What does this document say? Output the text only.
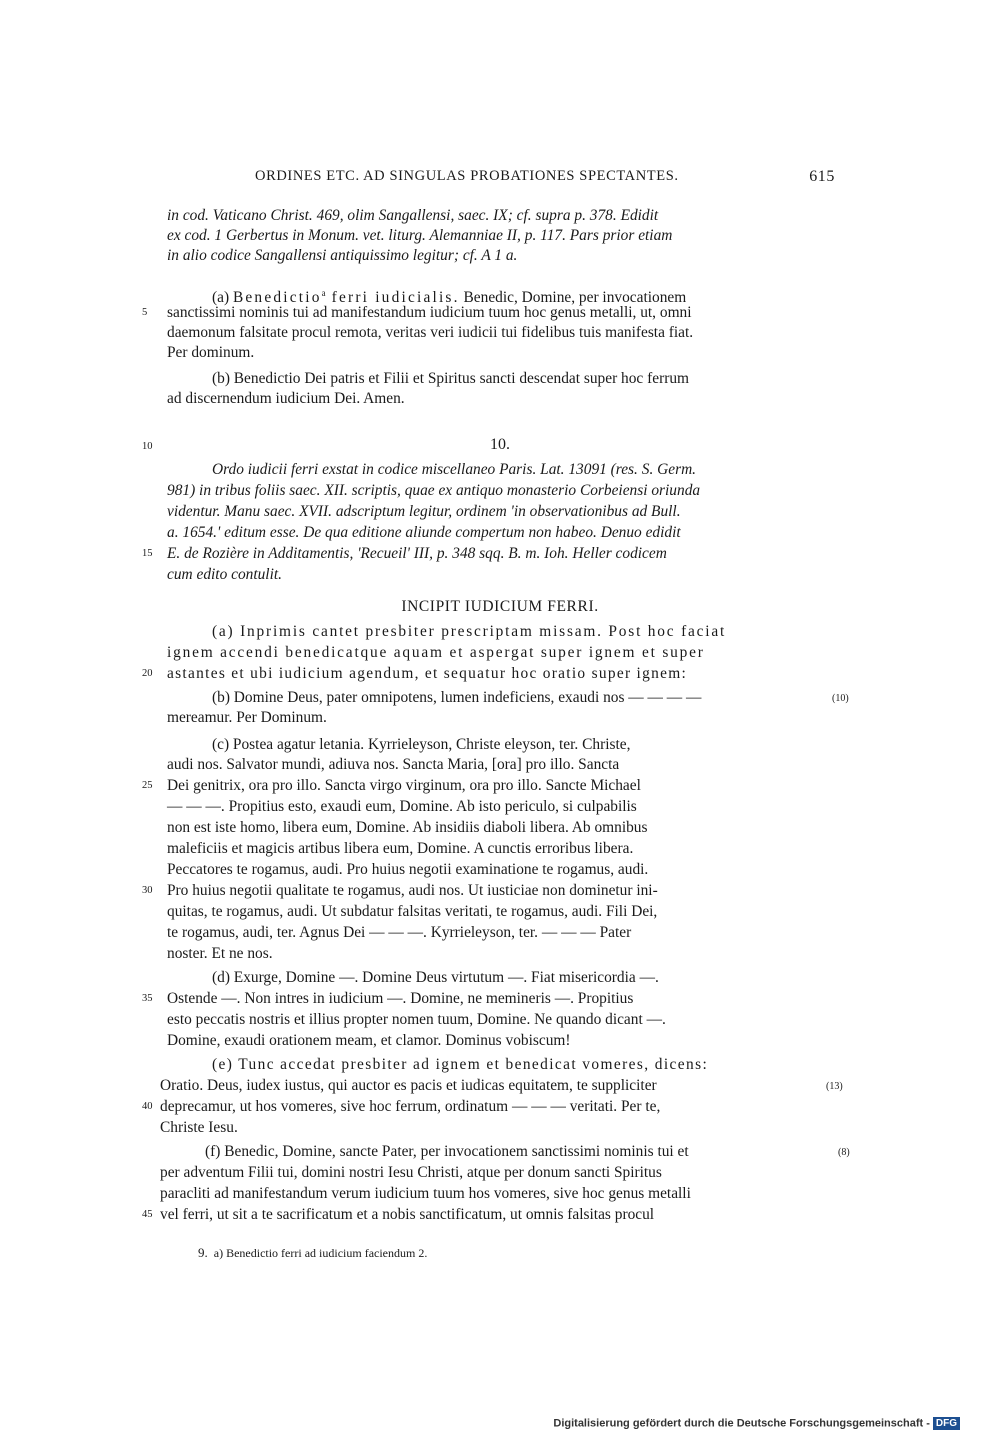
ORDINES ETC. AD SINGULAS PROBATIONES SPECTANTES.	615
in cod. Vaticano Christ. 469, olim Sangallensi, saec. IX; cf. supra p. 378. Edidit
ex cod. 1 Gerbertus in Monum. vet. liturg. Alemanniae II, p. 117. Pars prior etiam
in alio codice Sangallensi antiquissimo legitur; cf. A 1 a.
(a) Benedictio$^a$ ferri iudicialis. Benedic, Domine, per invocationem
sanctissimi nominis tui ad manifestandum iudicium tuum hoc genus metalli, ut, omni
daemonum falsitate procul remota, veritas veri iudicii tui fidelibus tuis manifesta fiat.
Per dominum.
(b) Benedictio Dei patris et Filii et Spiritus sancti descendat super hoc ferrum
ad discernendum iudicium Dei. Amen.
10.
Ordo iudicii ferri exstat in codice miscellaneo Paris. Lat. 13091 (res. S. Germ.
981) in tribus foliis saec. XII. scriptis, quae ex antiquo monasterio Corbeiensi oriunda
videntur. Manu saec. XVII. adscriptum legitur, ordinem 'in observationibus ad Bull.
a. 1654.' editum esse. De qua editione aliunde compertum non habeo. Denuo edidit
E. de Rozière in Additamentis, 'Recueil' III, p. 348 sqq. B. m. Ioh. Heller codicem
cum edito contulit.
INCIPIT IUDICIUM FERRI.
(a) Inprimis cantet presbiter prescriptam missam. Post hoc faciat
ignem accendi benedicatque aquam et aspergat super ignem et super
astantes et ubi iudicium agendum, et sequatur hoc oratio super ignem:
(b) Domine Deus, pater omnipotens, lumen indeficiens, exaudi nos — — — —
mereamur. Per Dominum.
(c) Postea agatur letania. Kyrrieleyson, Christe eleyson, ter. Christe,
audi nos. Salvator mundi, adiuva nos. Sancta Maria, [ora] pro illo. Sancta
Dei genitrix, ora pro illo. Sancta virgo virginum, ora pro illo. Sancte Michael
— — —. Propitius esto, exaudi eum, Domine. Ab isto periculo, si culpabilis
non est iste homo, libera eum, Domine. Ab insidiis diaboli libera. Ab omnibus
maleficiis et magicis artibus libera eum, Domine. A cunctis erroribus libera.
Peccatores te rogamus, audi. Pro huius negotii examinatione te rogamus, audi.
Pro huius negotii qualitate te rogamus, audi nos. Ut iusticiae non dominetur ini-
quitas, te rogamus, audi. Ut subdatur falsitas veritati, te rogamus, audi. Fili Dei,
te rogamus, audi, ter. Agnus Dei — — —. Kyrrieleyson, ter. — — — Pater
noster. Et ne nos.
(d) Exurge, Domine —. Domine Deus virtutum —. Fiat misericordia —.
Ostende —. Non intres in iudicium —. Domine, ne memineris —. Propitius
esto peccatis nostris et illius propter nomen tuum, Domine. Ne quando dicant —.
Domine, exaudi orationem meam, et clamor. Dominus vobiscum!
(e) Tunc accedat presbiter ad ignem et benedicat vomeres, dicens:
Oratio. Deus, iudex iustus, qui auctor es pacis et iudicas equitatem, te suppliciter
deprecamur, ut hos vomeres, sive hoc ferrum, ordinatum — — — veritati. Per te,
Christe Iesu.
(f) Benedic, Domine, sancte Pater, per invocationem sanctissimi nominis tui et
per adventum Filii tui, domini nostri Iesu Christi, atque per donum sancti Spiritus
paracliti ad manifestandum verum iudicium tuum hos vomeres, sive hoc genus metalli
vel ferri, ut sit a te sacrificatum et a nobis sanctificatum, ut omnis falsitas procul
5
10
15
20
25
30
35
40
45
(10)
(13)
(8)
9. a) Benedictio ferri ad iudicium faciendum 2.
Digitalisierung gefördert durch die Deutsche Forschungsgemeinschaft - DFG
